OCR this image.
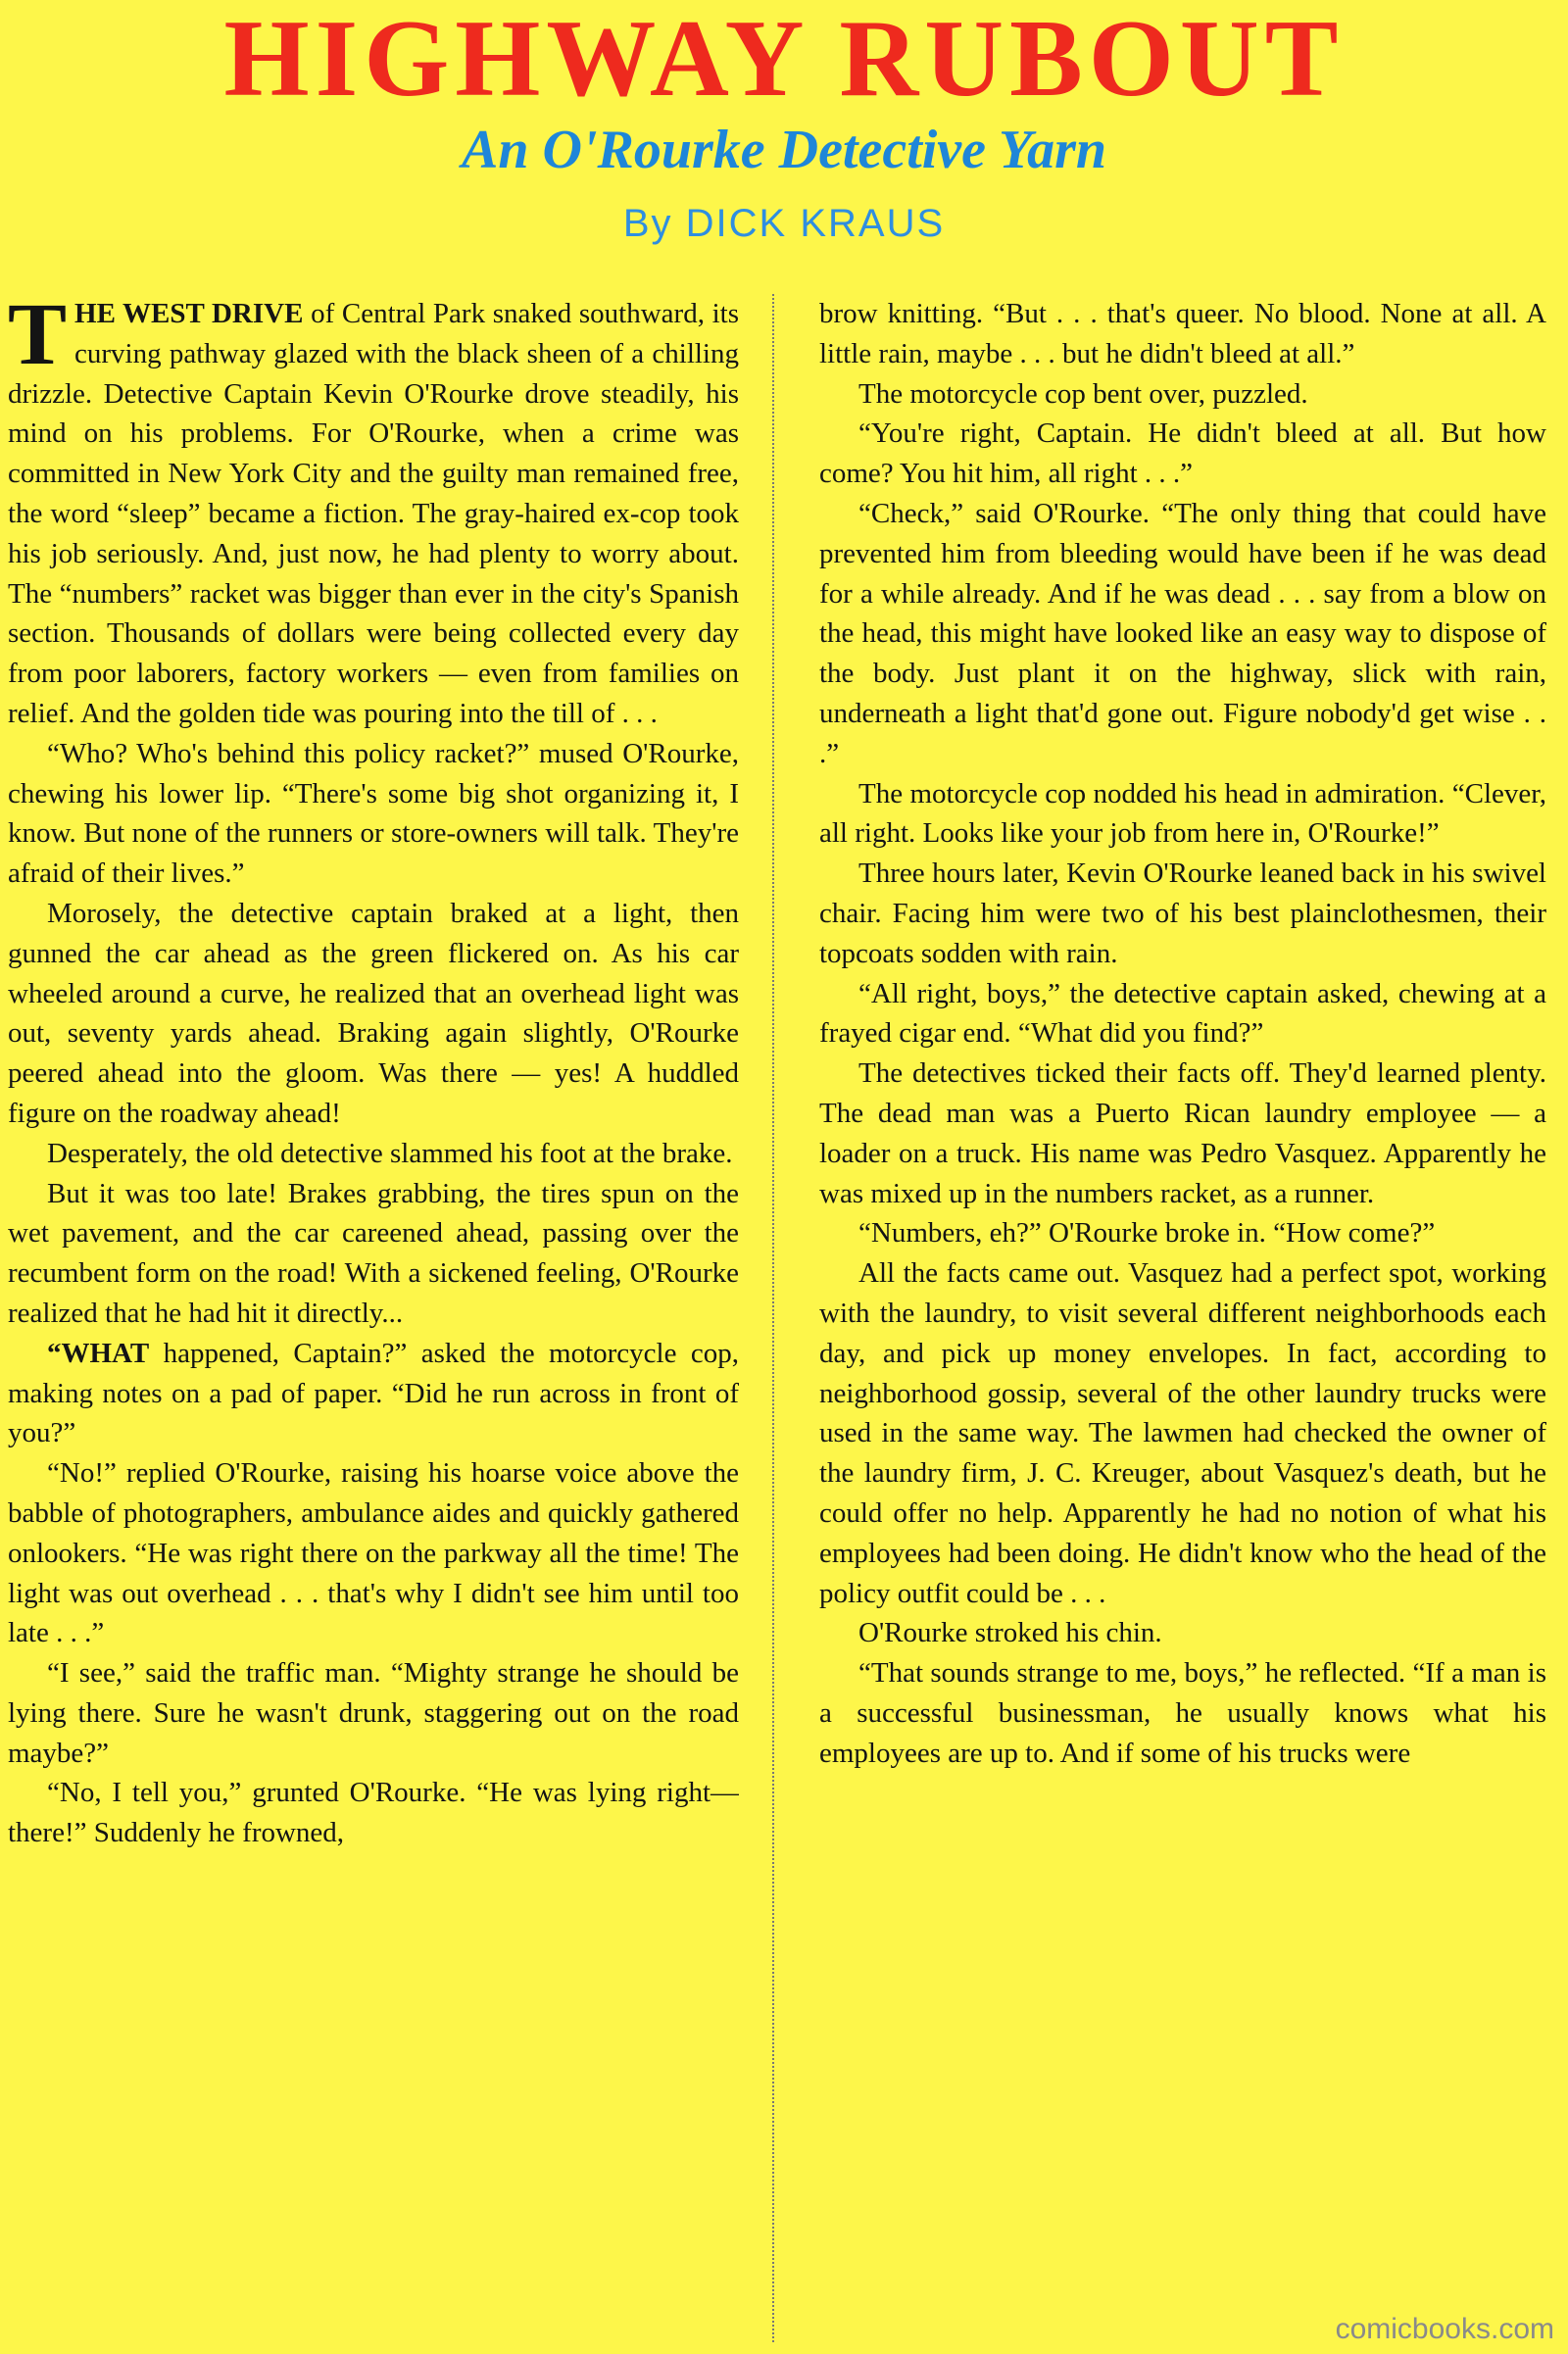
HIGHWAY RUBOUT
An O'Rourke Detective Yarn
By DICK KRAUS

THE WEST DRIVE of Central Park snaked southward, its curving pathway glazed with the black sheen of a chilling drizzle. Detective Captain Kevin O'Rourke drove steadily, his mind on his problems. For O'Rourke, when a crime was committed in New York City and the guilty man remained free, the word “sleep” became a fiction. The gray-haired ex-cop took his job seriously. And, just now, he had plenty to worry about. The “numbers” racket was bigger than ever in the city's Spanish section. Thousands of dollars were being collected every day from poor laborers, factory workers — even from families on relief. And the golden tide was pouring into the till of . . .

“Who? Who's behind this policy racket?” mused O'Rourke, chewing his lower lip. “There's some big shot organizing it, I know. But none of the runners or store-owners will talk. They're afraid of their lives.”

Morosely, the detective captain braked at a light, then gunned the car ahead as the green flickered on. As his car wheeled around a curve, he realized that an overhead light was out, seventy yards ahead. Braking again slightly, O'Rourke peered ahead into the gloom. Was there — yes! A huddled figure on the roadway ahead!

Desperately, the old detective slammed his foot at the brake.

But it was too late! Brakes grabbing, the tires spun on the wet pavement, and the car careened ahead, passing over the recumbent form on the road! With a sickened feeling, O'Rourke realized that he had hit it directly...

“WHAT happened, Captain?” asked the motorcycle cop, making notes on a pad of paper. “Did he run across in front of you?”

“No!” replied O'Rourke, raising his hoarse voice above the babble of photographers, ambulance aides and quickly gathered onlookers. “He was right there on the parkway all the time! The light was out overhead . . . that's why I didn't see him until too late . . .”

“I see,” said the traffic man. “Mighty strange he should be lying there. Sure he wasn't drunk, staggering out on the road maybe?”

“No, I tell you,” grunted O'Rourke. “He was lying right—there!” Suddenly he frowned,

brow knitting. “But . . . that's queer. No blood. None at all. A little rain, maybe . . . but he didn't bleed at all.”

The motorcycle cop bent over, puzzled.

“You're right, Captain. He didn't bleed at all. But how come? You hit him, all right . . .”

“Check,” said O'Rourke. “The only thing that could have prevented him from bleeding would have been if he was dead for a while already. And if he was dead . . . say from a blow on the head, this might have looked like an easy way to dispose of the body. Just plant it on the highway, slick with rain, underneath a light that'd gone out. Figure nobody'd get wise . . .”

The motorcycle cop nodded his head in admiration. “Clever, all right. Looks like your job from here in, O'Rourke!”

Three hours later, Kevin O'Rourke leaned back in his swivel chair. Facing him were two of his best plainclothesmen, their topcoats sodden with rain.

“All right, boys,” the detective captain asked, chewing at a frayed cigar end. “What did you find?”

The detectives ticked their facts off. They'd learned plenty. The dead man was a Puerto Rican laundry employee — a loader on a truck. His name was Pedro Vasquez. Apparently he was mixed up in the numbers racket, as a runner.

“Numbers, eh?” O'Rourke broke in. “How come?”

All the facts came out. Vasquez had a perfect spot, working with the laundry, to visit several different neighborhoods each day, and pick up money envelopes. In fact, according to neighborhood gossip, several of the other laundry trucks were used in the same way. The lawmen had checked the owner of the laundry firm, J. C. Kreuger, about Vasquez's death, but he could offer no help. Apparently he had no notion of what his employees had been doing. He didn't know who the head of the policy outfit could be . . .

O'Rourke stroked his chin.

“That sounds strange to me, boys,” he reflected. “If a man is a successful businessman, he usually knows what his employees are up to. And if some of his trucks were

comicbooks.com
